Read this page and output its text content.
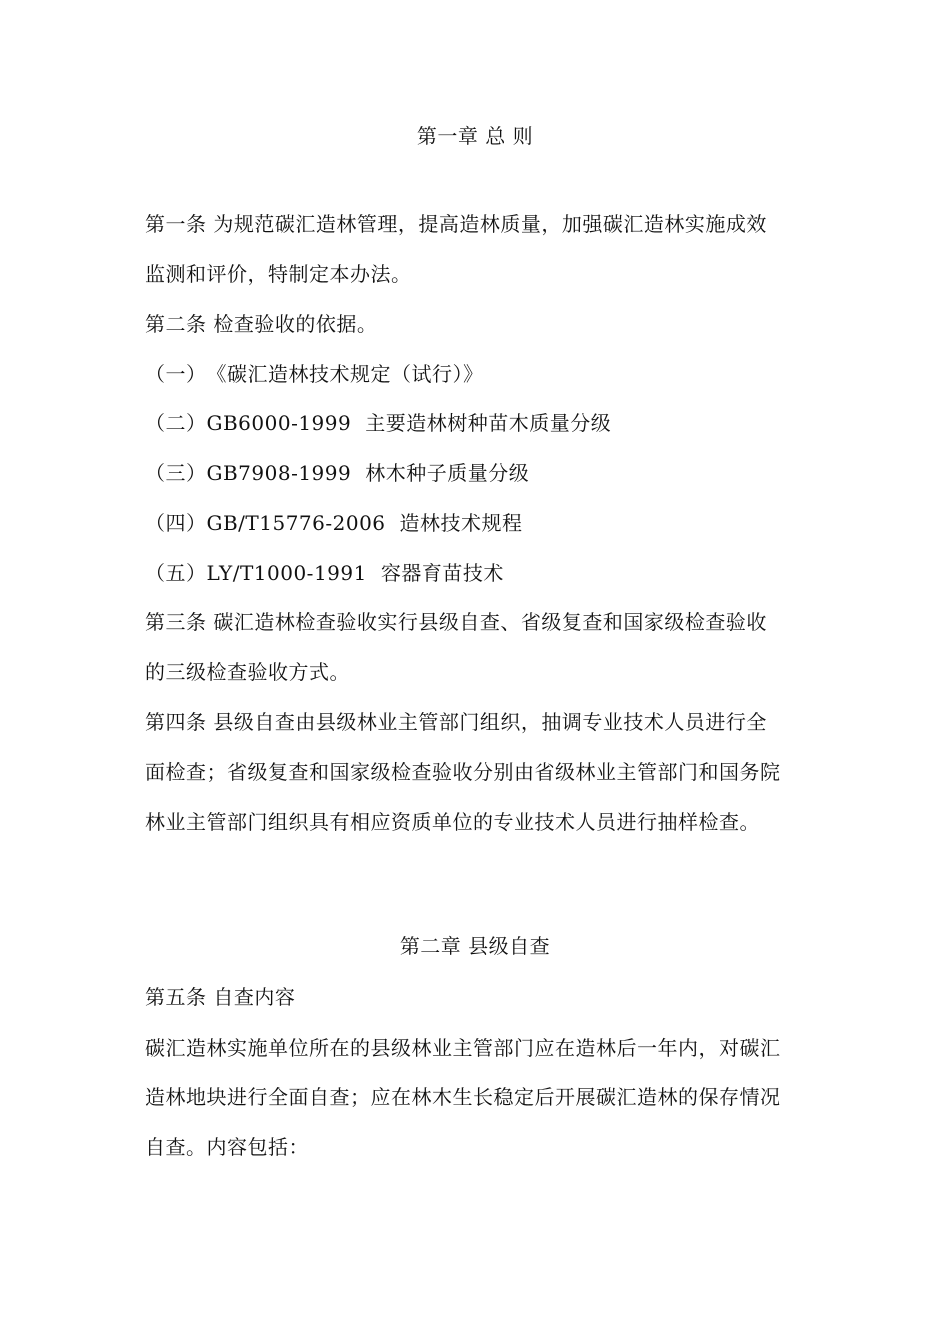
第一章 总 则
第一条 为规范碳汇造林管理，提高造林质量，加强碳汇造林实施成效
监测和评价，特制定本办法。
第二条 检查验收的依据。
（一）《碳汇造林技术规定（试行）》
（二）GB6000-1999 主要造林树种苗木质量分级
（三）GB7908-1999 林木种子质量分级
（四）GB/T15776-2006 造林技术规程
（五）LY/T1000-1991 容器育苗技术
第三条 碳汇造林检查验收实行县级自查、省级复查和国家级检查验收
的三级检查验收方式。
第四条 县级自查由县级林业主管部门组织，抽调专业技术人员进行全
面检查；省级复查和国家级检查验收分别由省级林业主管部门和国务院
林业主管部门组织具有相应资质单位的专业技术人员进行抽样检查。
第二章 县级自查
第五条 自查内容
碳汇造林实施单位所在的县级林业主管部门应在造林后一年内，对碳汇
造林地块进行全面自查；应在林木生长稳定后开展碳汇造林的保存情况
自查。内容包括：
